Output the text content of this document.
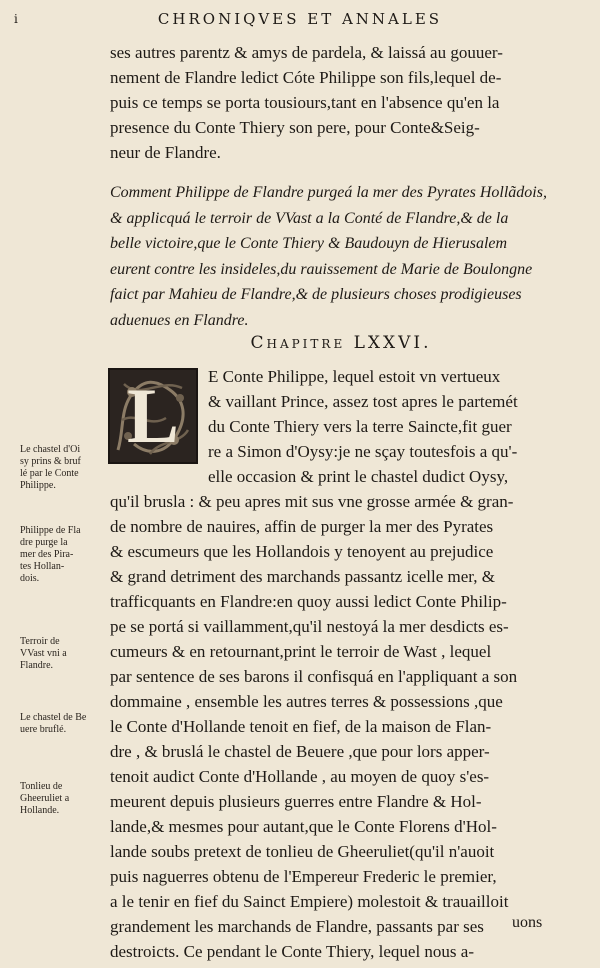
i	CHRONIQVES ET ANNALES
ses autres parentz & amys de pardela, & laissá au gouuer-
nement de Flandre ledict Cóte Philippe son fils,lequel de-
puis ce temps se porta tousiours,tant en l'absence qu'en la
presence du Conte Thiery son pere, pour Conte&Seig-
neur de Flandre.
Comment Philippe de Flandre purgeá la mer des Pyrates Hollãdois,
& applicquá le terroir de VVast a la Conté de Flandre,& de la
belle victoire,que le Conte Thiery & Baudouyn de Hierusalem
eurent contre les insideles,du rauissement de Marie de Boulongne
faict par Mahieu de Flandre,& de plusieurs choses prodigieuses
aduenues en Flandre.
Chapitre LXXVI.
L	E Conte Philippe, lequel estoit vn vertueux
& vaillant Prince, assez tost apres le partemét
du Conte Thiery vers la terre Saincte,fit guer
re a Simon d'Oysy:je ne sçay toutesfois a qu'-
elle occasion & print le chastel dudict Oysy,
qu'il brusla : & peu apres mit sus vne grosse armée & gran-
de nombre de nauires, affin de purger la mer des Pyrates
& escumeurs que les Hollandois y tenoyent au prejudice
& grand detriment des marchands passantz icelle mer, &
trafficquants en Flandre:en quoy aussi ledict Conte Philip-
pe se portá si vaillamment,qu'il nestoyá la mer desdicts es-
cumeurs & en retournant,print le terroir de Wast , lequel
par sentence de ses barons il confisquá en l'appliquant a son
dommaine , ensemble les autres terres & possessions ,que
le Conte d'Hollande tenoit en fief, de la maison de Flan-
dre , & bruslá le chastel de Beuere ,que pour lors apper-
tenoit audict Conte d'Hollande , au moyen de quoy s'es-
meurent depuis plusieurs guerres entre Flandre & Hol-
lande,& mesmes pour autant,que le Conte Florens d'Hol-
lande soubs pretext de tonlieu de Gheeruliet(qu'il n'auoit
puis naguerres obtenu de l'Empereur Frederic le premier,
a le tenir en fief du Sainct Empiere) molestoit & trauailloit
grandement les marchands de Flandre, passants par ses
destroicts. Ce pendant le Conte Thiery, lequel nous a-
uons
Le chastel d'Oi
sy prins & bruf
lé par le Conte
Philippe.
Philippe de Fla
dre purge la
mer des Pira-
tes Hollan-
dois.
Terroir de
VVast vni a
Flandre.
Le chastel de Be
uere bruflé.
Tonlieu de
Gheeruliet a
Hollande.
